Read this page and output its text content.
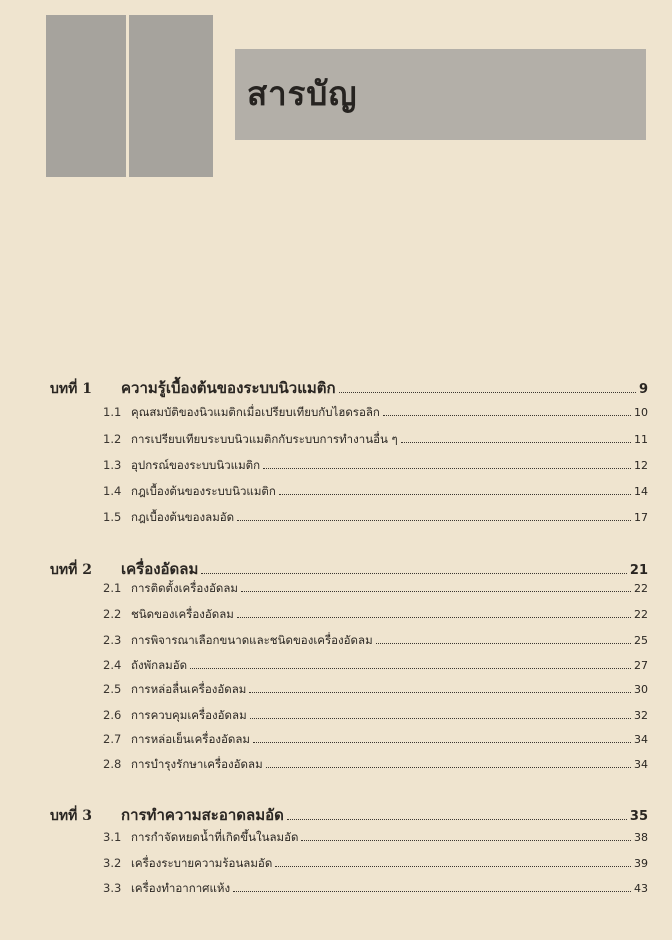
สารบัญ
บทที่ 1	ความรู้เบื้องต้นของระบบนิวแมติก	9
1.1 คุณสมบัติของนิวแมติกเมื่อเปรียบเทียบกับไฮดรอลิก	10
1.2 การเปรียบเทียบระบบนิวแมติกกับระบบการทำงานอื่น ๆ	11
1.3 อุปกรณ์ของระบบนิวแมติก	12
1.4 กฎเบื้องต้นของระบบนิวแมติก	14
1.5 กฎเบื้องต้นของลมอัด	17
บทที่ 2	เครื่องอัดลม	21
2.1 การติดตั้งเครื่องอัดลม	22
2.2 ชนิดของเครื่องอัดลม	22
2.3 การพิจารณาเลือกขนาดและชนิดของเครื่องอัดลม	25
2.4 ถังพักลมอัด	27
2.5 การหล่อลื่นเครื่องอัดลม	30
2.6 การควบคุมเครื่องอัดลม	32
2.7 การหล่อเย็นเครื่องอัดลม	34
2.8 การบำรุงรักษาเครื่องอัดลม	34
บทที่ 3	การทำความสะอาดลมอัด	35
3.1 การกำจัดหยดน้ำที่เกิดขึ้นในลมอัด	38
3.2 เครื่องระบายความร้อนลมอัด	39
3.3 เครื่องทำอากาศแห้ง	43
